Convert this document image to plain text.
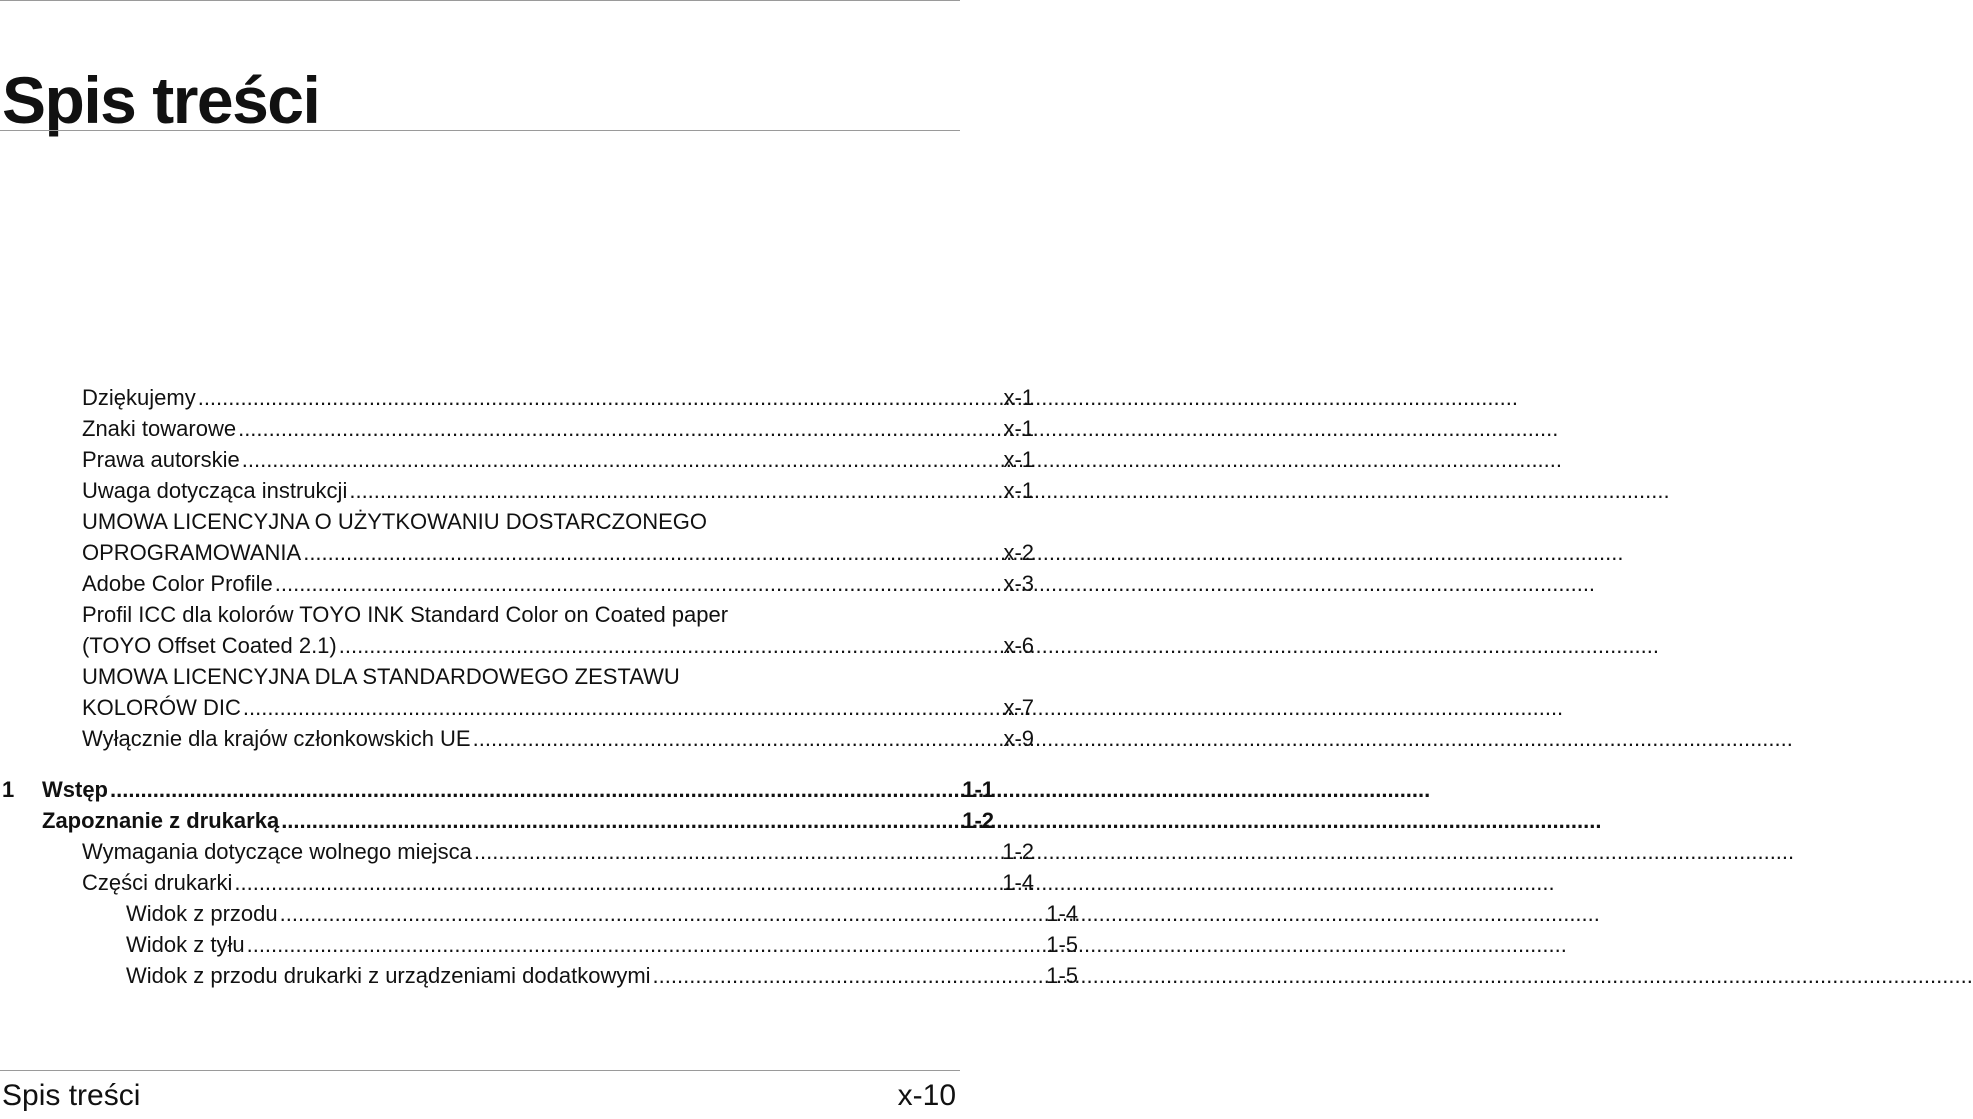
Spis treści
Dziękujemy .....	x-1
Znaki towarowe .....	x-1
Prawa autorskie .....	x-1
Uwaga dotycząca instrukcji .....	x-1
UMOWA LICENCYJNA O UŻYTKOWANIU DOSTARCZONEGO
OPROGRAMOWANIA .....	x-2
Adobe Color Profile .....	x-3
Profil ICC dla kolorów TOYO INK Standard Color on Coated paper
(TOYO Offset Coated 2.1) .....	x-6
UMOWA LICENCYJNA DLA STANDARDOWEGO ZESTAWU
KOLORÓW DIC .....	x-7
Wyłącznie dla krajów członkowskich UE .....	x-9
1 Wstęp .....	1-1
Zapoznanie z drukarką .....	1-2
Wymagania dotyczące wolnego miejsca .....	1-2
Części drukarki .....	1-4
Widok z przodu .....	1-4
Widok z tyłu .....	1-5
Widok z przodu drukarki z urządzeniami dodatkowymi .....	1-5
Spis treści	x-10
